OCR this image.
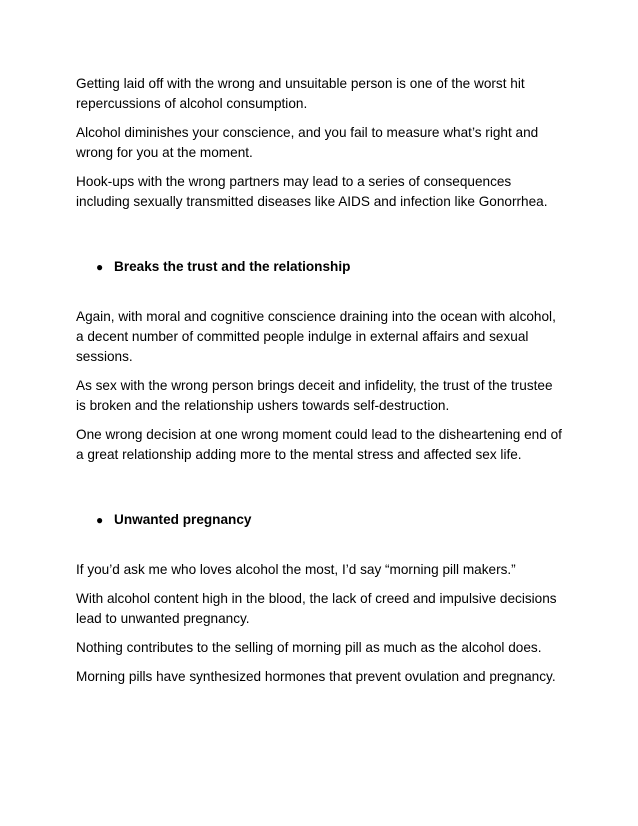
Getting laid off with the wrong and unsuitable person is one of the worst hit repercussions of alcohol consumption.

Alcohol diminishes your conscience, and you fail to measure what’s right and wrong for you at the moment.

Hook-ups with the wrong partners may lead to a series of consequences including sexually transmitted diseases like AIDS and infection like Gonorrhea.

● Breaks the trust and the relationship

Again, with moral and cognitive conscience draining into the ocean with alcohol, a decent number of committed people indulge in external affairs and sexual sessions.

As sex with the wrong person brings deceit and infidelity, the trust of the trustee is broken and the relationship ushers towards self-destruction.

One wrong decision at one wrong moment could lead to the disheartening end of a great relationship adding more to the mental stress and affected sex life.

● Unwanted pregnancy

If you’d ask me who loves alcohol the most, I’d say “morning pill makers.”

With alcohol content high in the blood, the lack of creed and impulsive decisions lead to unwanted pregnancy.

Nothing contributes to the selling of morning pill as much as the alcohol does.

Morning pills have synthesized hormones that prevent ovulation and pregnancy.
